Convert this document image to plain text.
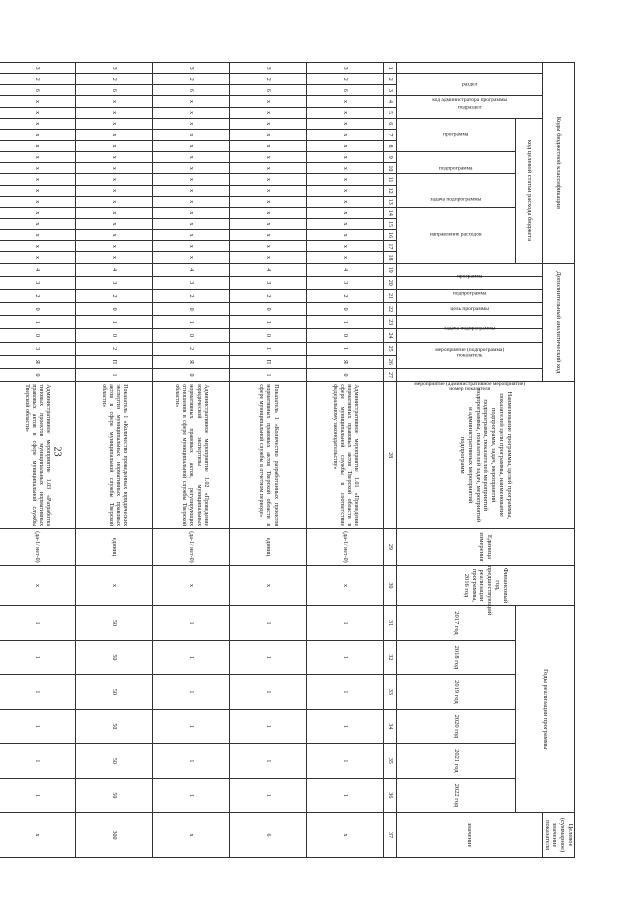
23
Коды бюджетной классификации																		Дополнительный аналитический код									Наименование программы, целей программы, показателей цели программы, наименование подпрограмм, задач, мероприятий подпрограмм, показателей мероприятий подпрограммы, показателей задач, мероприятий и административных мероприятий подпрограмм	Единица измерения	Финансовый год, предшествующий реализации программы, 2016 год	Годы реализации программы						Целевое (суммарное) значение показателя
код администратора программы	раздел		подраздел		код целевой статьи расхода бюджета													программа	подпрограмма	цель программы	задача подпрограммы	мероприятие (подпрограмма)	мероприятие (административное мероприятие)	показатель		номер показателя										значение
					программа			подпрограмма		задача подпрограммы			направление расходов																	2017 год	2018 год	2019 год	2020 год	2021 год	2022 год	
1	2	3	4	5	6	7	8	9	10	11	12	13	14	15	16	17	18	19	20	21	22	23	24	25	26	27	28	29	30	31	32	33	34	35	36	37
3	2	6	x	x	x	x	x	x	x	x	x	x	x	x	x	x	x	4	3	2	0	1	0	1	Я	0	Административное мероприятие 1.01 «Проведение нормативных правовых актов Тверской области в сфере муниципальной службы в соответствие федеральному законодательству»	(да-1/ нет-0)	x	1	1	1	1	1	1	x
3	2	6	x	x	x	x	x	x	x	x	x	x	x	x	x	x	x	4	3	2	0	1	0	1	П	1	Показатель 1 «Количество разработанных проектов нормативных правовых актов Тверской области в сфере муниципальной службы в отчетном периоде»	единиц	x	1	1	1	1	1	1	6
3	2	6	x	x	x	x	x	x	x	x	x	x	x	x	x	x	x	4	3	2	0	1	0	2	Я	0	Административное мероприятие 1.02 «Проведение юридической экспертизы муниципальных нормативных правовых актов, регулирующих отношения в сфере муниципальной службы Тверской области»	(да-1/ нет-0)	x	1	1	1	1	1	1	x
3	2	6	x	x	x	x	x	x	x	x	x	x	x	x	x	x	x	4	3	2	0	1	0	2	П	1	Показатель 1 «Количество проведенных юридических экспертиз муниципальных нормативных правовых актов в сфере муниципальной службы Тверской области»	единиц	x	50	50	50	50	50	50	300
3	2	6	x	x	x	x	x	x	x	x	x	x	x	x	x	x	x	4	3	2	0	1	0	3	Я	0	Административное мероприятие 1.03 «Разработка типовых проектов муниципальных нормативных правовых актов в сфере муниципальной службы Тверской области»	(да-1/ нет-0)	x	1	1	1	1	1	1	x
